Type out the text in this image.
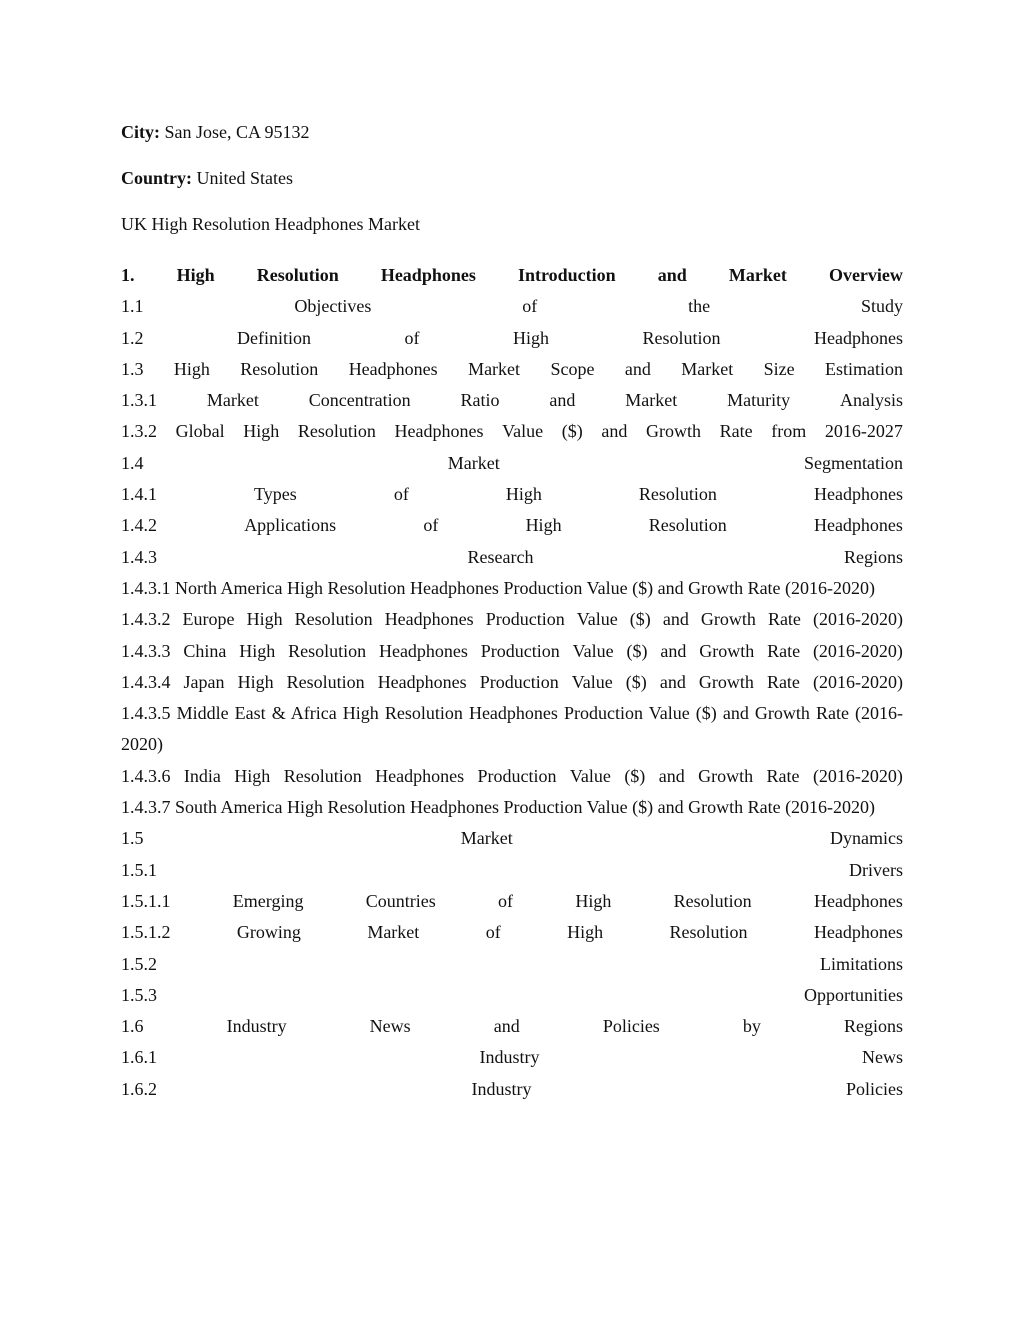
City: San Jose, CA 95132
Country: United States
UK High Resolution Headphones Market
1. High Resolution Headphones Introduction and Market Overview
1.1	Objectives	of	the	Study
1.2	Definition	of	High	Resolution	Headphones
1.3 High Resolution Headphones Market Scope and Market Size Estimation
1.3.1	Market	Concentration	Ratio	and	Market	Maturity	Analysis
1.3.2 Global High Resolution Headphones Value ($) and Growth Rate from 2016-2027
1.4	Market	Segmentation
1.4.1	Types	of	High	Resolution	Headphones
1.4.2	Applications	of	High	Resolution	Headphones
1.4.3	Research	Regions
1.4.3.1 North America High Resolution Headphones Production Value ($) and Growth Rate (2016-2020)
1.4.3.2 Europe High Resolution Headphones Production Value ($) and Growth Rate (2016-2020)
1.4.3.3 China High Resolution Headphones Production Value ($) and Growth Rate (2016-2020)
1.4.3.4 Japan High Resolution Headphones Production Value ($) and Growth Rate (2016-2020)
1.4.3.5 Middle East & Africa High Resolution Headphones Production Value ($) and Growth Rate (2016-2020)
1.4.3.6 India High Resolution Headphones Production Value ($) and Growth Rate (2016-2020)
1.4.3.7 South America High Resolution Headphones Production Value ($) and Growth Rate (2016-2020)
1.5	Market	Dynamics
1.5.1	Drivers
1.5.1.1	Emerging	Countries	of	High	Resolution	Headphones
1.5.1.2	Growing	Market	of	High	Resolution	Headphones
1.5.2	Limitations
1.5.3	Opportunities
1.6	Industry	News	and	Policies	by	Regions
1.6.1	Industry	News
1.6.2	Industry	Policies
